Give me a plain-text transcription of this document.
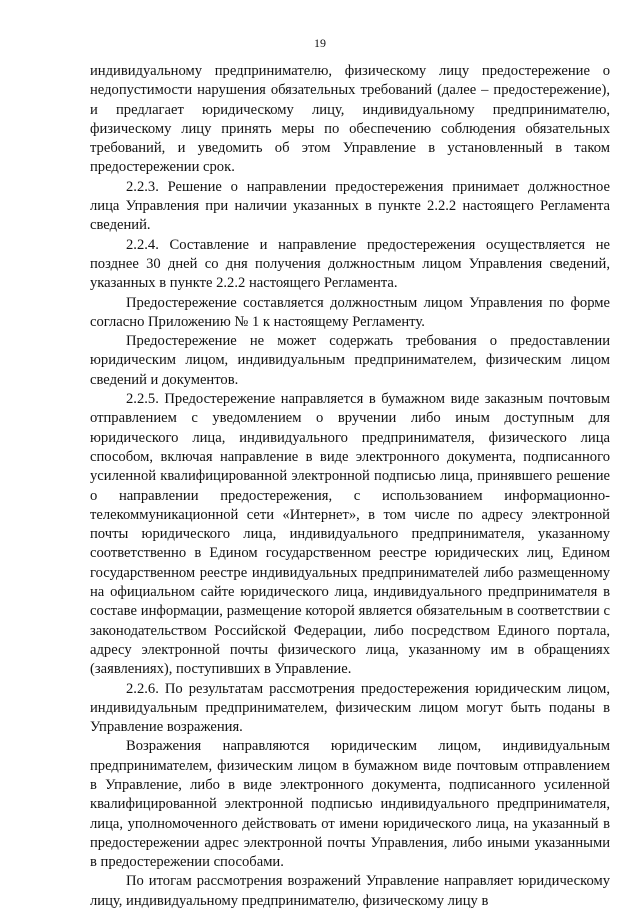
19

индивидуальному предпринимателю, физическому лицу предостережение о недопустимости нарушения обязательных требований (далее – предостережение), и предлагает юридическому лицу, индивидуальному предпринимателю, физическому лицу принять меры по обеспечению соблюдения обязательных требований, и уведомить об этом Управление в установленный в таком предостережении срок.

2.2.3. Решение о направлении предостережения принимает должностное лица Управления при наличии указанных в пункте 2.2.2 настоящего Регламента сведений.

2.2.4. Составление и направление предостережения осуществляется не позднее 30 дней со дня получения должностным лицом Управления сведений, указанных в пункте 2.2.2 настоящего Регламента.

Предостережение составляется должностным лицом Управления по форме согласно Приложению № 1 к настоящему Регламенту.

Предостережение не может содержать требования о предоставлении юридическим лицом, индивидуальным предпринимателем, физическим лицом сведений и документов.

2.2.5. Предостережение направляется в бумажном виде заказным почтовым отправлением с уведомлением о вручении либо иным доступным для юридического лица, индивидуального предпринимателя, физического лица способом, включая направление в виде электронного документа, подписанного усиленной квалифицированной электронной подписью лица, принявшего решение о направлении предостережения, с использованием информационно-телекоммуникационной сети «Интернет», в том числе по адресу электронной почты юридического лица, индивидуального предпринимателя, указанному соответственно в Едином государственном реестре юридических лиц, Едином государственном реестре индивидуальных предпринимателей либо размещенному на официальном сайте юридического лица, индивидуального предпринимателя в составе информации, размещение которой является обязательным в соответствии с законодательством Российской Федерации, либо посредством Единого портала, адресу электронной почты физического лица, указанному им в обращениях (заявлениях), поступивших в Управление.

2.2.6. По результатам рассмотрения предостережения юридическим лицом, индивидуальным предпринимателем, физическим лицом могут быть поданы в Управление возражения.

Возражения направляются юридическим лицом, индивидуальным предпринимателем, физическим лицом в бумажном виде почтовым отправлением в Управление, либо в виде электронного документа, подписанного усиленной квалифицированной электронной подписью индивидуального предпринимателя, лица, уполномоченного действовать от имени юридического лица, на указанный в предостережении адрес электронной почты Управления, либо иными указанными в предостережении способами.

По итогам рассмотрения возражений Управление направляет юридическому лицу, индивидуальному предпринимателю, физическому лицу в
